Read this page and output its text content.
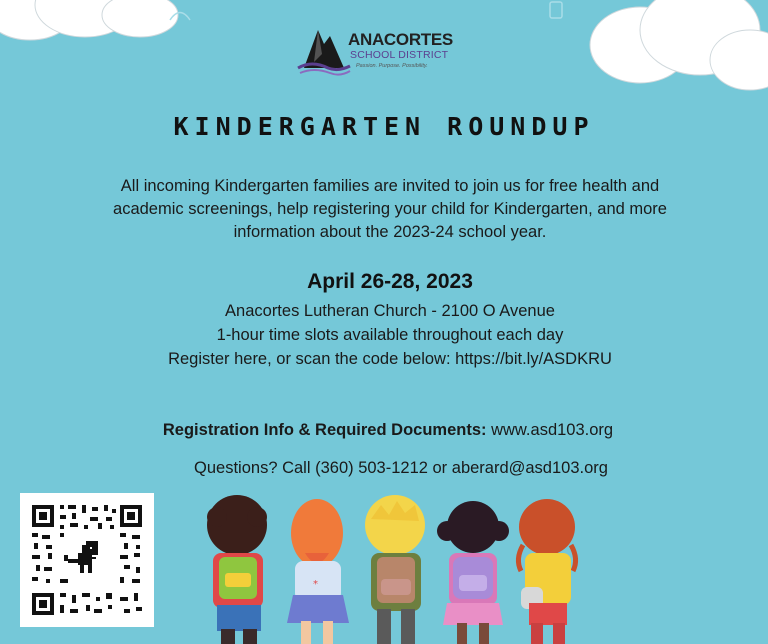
ANACORTES
SCHOOL DISTRICT
Passion. Purpose. Possibility.
KINDERGARTEN ROUNDUP
All incoming Kindergarten families are invited to join us for free health and
academic screenings, help registering your child for Kindergarten, and more
information about the 2023-24 school year.
April 26-28, 2023
Anacortes Lutheran Church - 2100 O Avenue
1-hour time slots available throughout each day
Register here, or scan the code below: https://bit.ly/ASDKRU
Registration Info & Required Documents: www.asd103.org
Questions? Call (360) 503-1212 or aberard@asd103.org
*
